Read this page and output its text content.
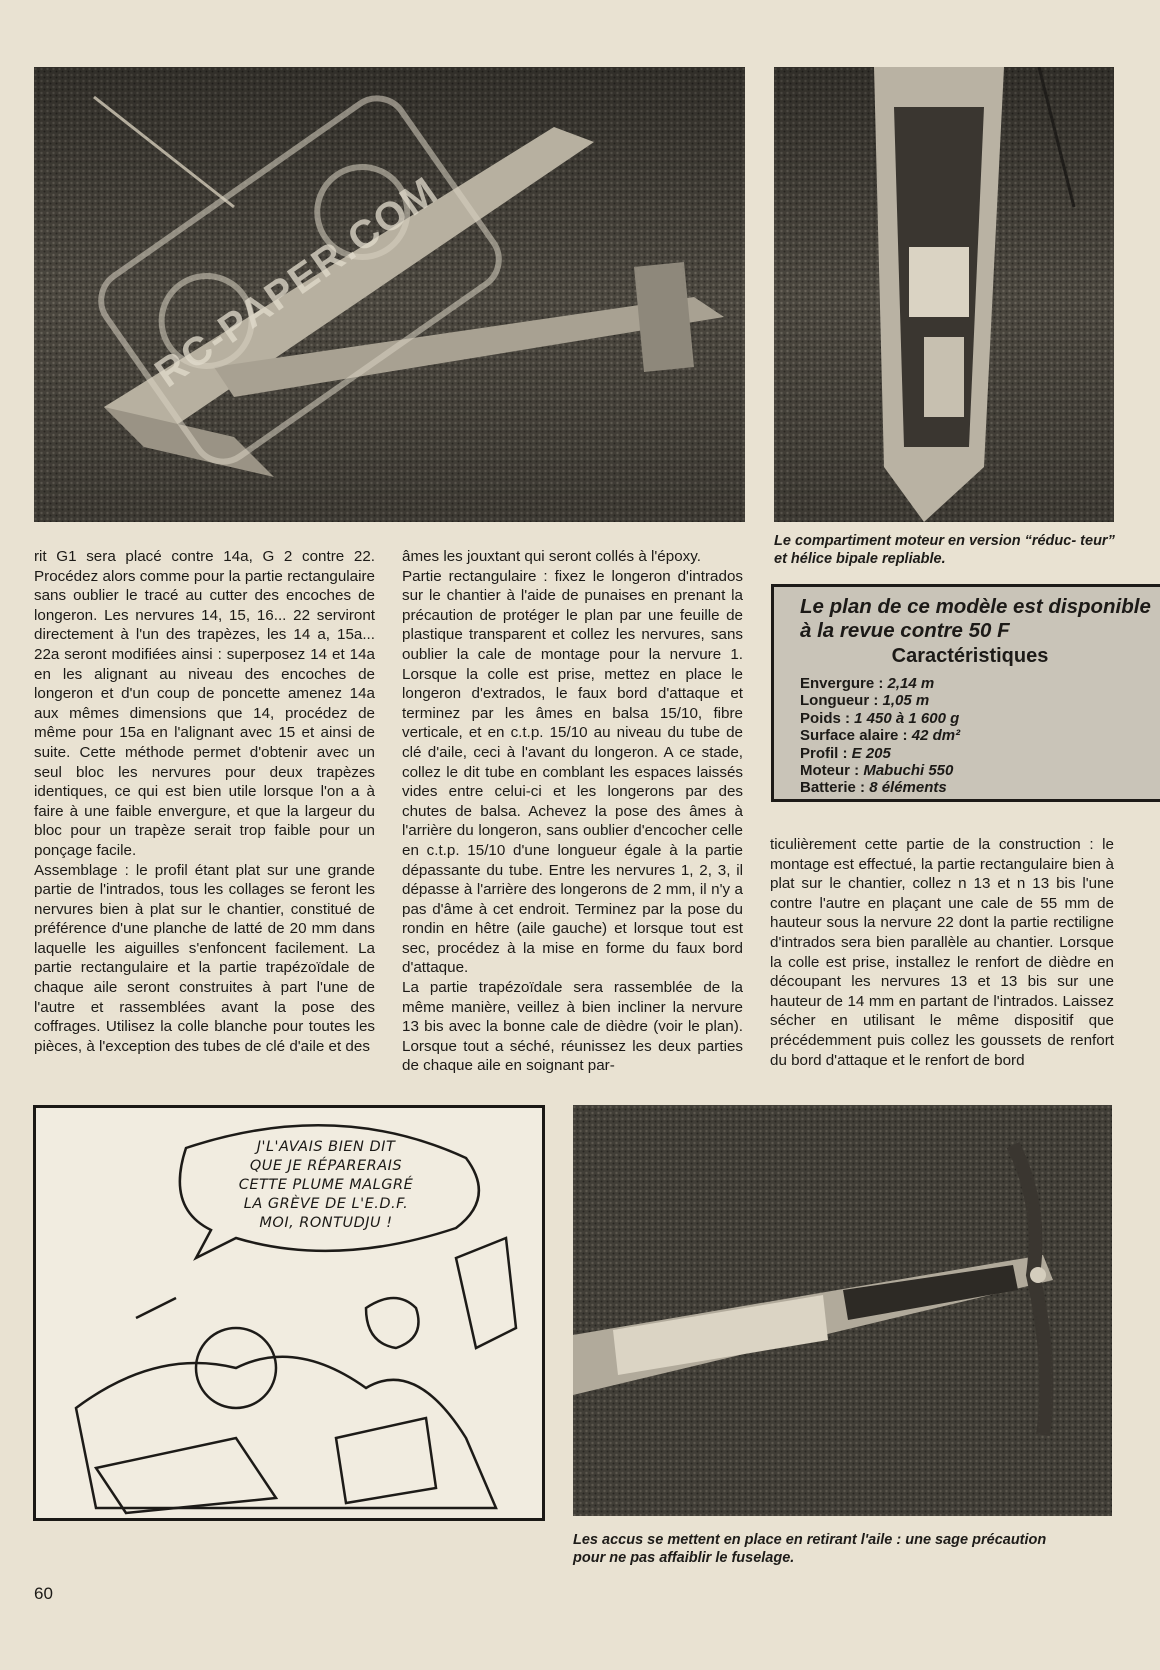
RC-PAPER.COM
Le compartiment moteur en version “réduc- teur” et hélice bipale repliable.

rit G1 sera placé contre 14a, G 2 contre 22. Procédez alors comme pour la partie rectangulaire sans oublier le tracé au cutter des encoches de longeron. Les nervures 14, 15, 16... 22 serviront directement à l'un des trapèzes, les 14 a, 15a... 22a seront modifiées ainsi : superposez 14 et 14a en les alignant au niveau des encoches de longeron et d'un coup de poncette amenez 14a aux mêmes dimensions que 14, procédez de même pour 15a en l'alignant avec 15 et ainsi de suite. Cette méthode permet d'obtenir avec un seul bloc les nervures pour deux trapèzes identiques, ce qui est bien utile lorsque l'on a à faire à une faible envergure, et que la largeur du bloc pour un trapèze serait trop faible pour un ponçage facile.

Assemblage : le profil étant plat sur une grande partie de l'intrados, tous les collages se feront les nervures bien à plat sur le chantier, constitué de préférence d'une planche de latté de 20 mm dans laquelle les aiguilles s'enfoncent facilement. La partie rectangulaire et la partie trapézoïdale de chaque aile seront construites à part l'une de l'autre et rassemblées avant la pose des coffrages. Utilisez la colle blanche pour toutes les pièces, à l'exception des tubes de clé d'aile et des

âmes les jouxtant qui seront collés à l'époxy.

Partie rectangulaire : fixez le longeron d'intrados sur le chantier à l'aide de punaises en prenant la précaution de protéger le plan par une feuille de plastique transparent et collez les nervures, sans oublier la cale de montage pour la nervure 1. Lorsque la colle est prise, mettez en place le longeron d'extrados, le faux bord d'attaque et terminez par les âmes en balsa 15/10, fibre verticale, et en c.t.p. 15/10 au niveau du tube de clé d'aile, ceci à l'avant du longeron. A ce stade, collez le dit tube en comblant les espaces laissés vides entre celui-ci et les longerons par des chutes de balsa. Achevez la pose des âmes à l'arrière du longeron, sans oublier d'encocher celle en c.t.p. 15/10 d'une longueur égale à la partie dépassante du tube. Entre les nervures 1, 2, 3, il dépasse à l'arrière des longerons de 2 mm, il n'y a pas d'âme à cet endroit. Terminez par la pose du rondin en hêtre (aile gauche) et lorsque tout est sec, procédez à la mise en forme du faux bord d'attaque.

La partie trapézoïdale sera rassemblée de la même manière, veillez à bien incliner la nervure 13 bis avec la bonne cale de dièdre (voir le plan). Lorsque tout a séché, réunissez les deux parties de chaque aile en soignant par-

Le plan de ce modèle est disponible à la revue contre 50 F

Caractéristiques

Envergure : 2,14 m
Longueur : 1,05 m
Poids : 1 450 à 1 600 g
Surface alaire : 42 dm²
Profil : E 205
Moteur : Mabuchi 550
Batterie : 8 éléments

ticulièrement cette partie de la construction : le montage est effectué, la partie rectangulaire bien à plat sur le chantier, collez n 13 et n 13 bis l'une contre l'autre en plaçant une cale de 55 mm de hauteur sous la nervure 22 dont la partie rectiligne d'intrados sera bien parallèle au chantier. Lorsque la colle est prise, installez le renfort de dièdre en découpant les nervures 13 et 13 bis sur une hauteur de 14 mm en partant de l'intrados. Laissez sécher en utilisant le même dispositif que précédemment puis collez les goussets de renfort du bord d'attaque et le renfort de bord

J'L'AVAIS BIEN DIT
QUE JE RÉPARERAIS
CETTE PLUME MALGRÉ
LA GRÈVE DE L'E.D.F.
MOI, RONTUDJU !
Les accus se mettent en place en retirant l'aile : une sage précaution pour ne pas affaiblir le fuselage.
60
